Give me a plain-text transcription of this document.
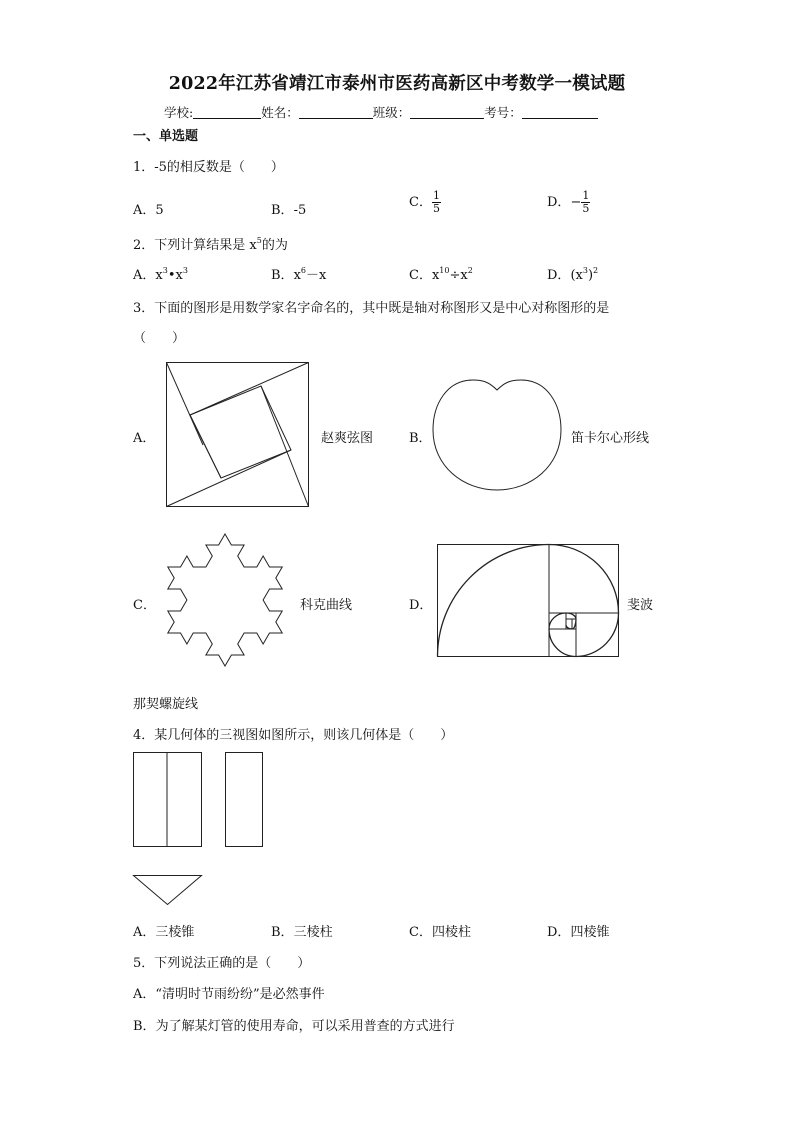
2022年江苏省靖江市泰州市医药高新区中考数学一模试题
学校:	姓名：	班级：	考号：
一、单选题
1．-5的相反数是（　　）
A．5	B．-5
C． $\frac{1}{5}$	D．− $\frac{1}{5}$
2．下列计算结果是 $x^5$的为
A．$x^3•x^3$	B．$x^6-x$	C．$x^{10}\div x^2$	D．$(x^3)^2$
3．下面的图形是用数学家名字命名的，其中既是轴对称图形又是中心对称图形的是
（　　）
A．	赵爽弦图	B．	笛卡尔心形线
C．	科克曲线	D．	斐波
那契螺旋线
4．某几何体的三视图如图所示，则该几何体是（　　）
A．三棱锥	B．三棱柱	C．四棱柱	D．四棱锥
5．下列说法正确的是（　　）
A．“清明时节雨纷纷”是必然事件
B．为了解某灯管的使用寿命，可以采用普查的方式进行
